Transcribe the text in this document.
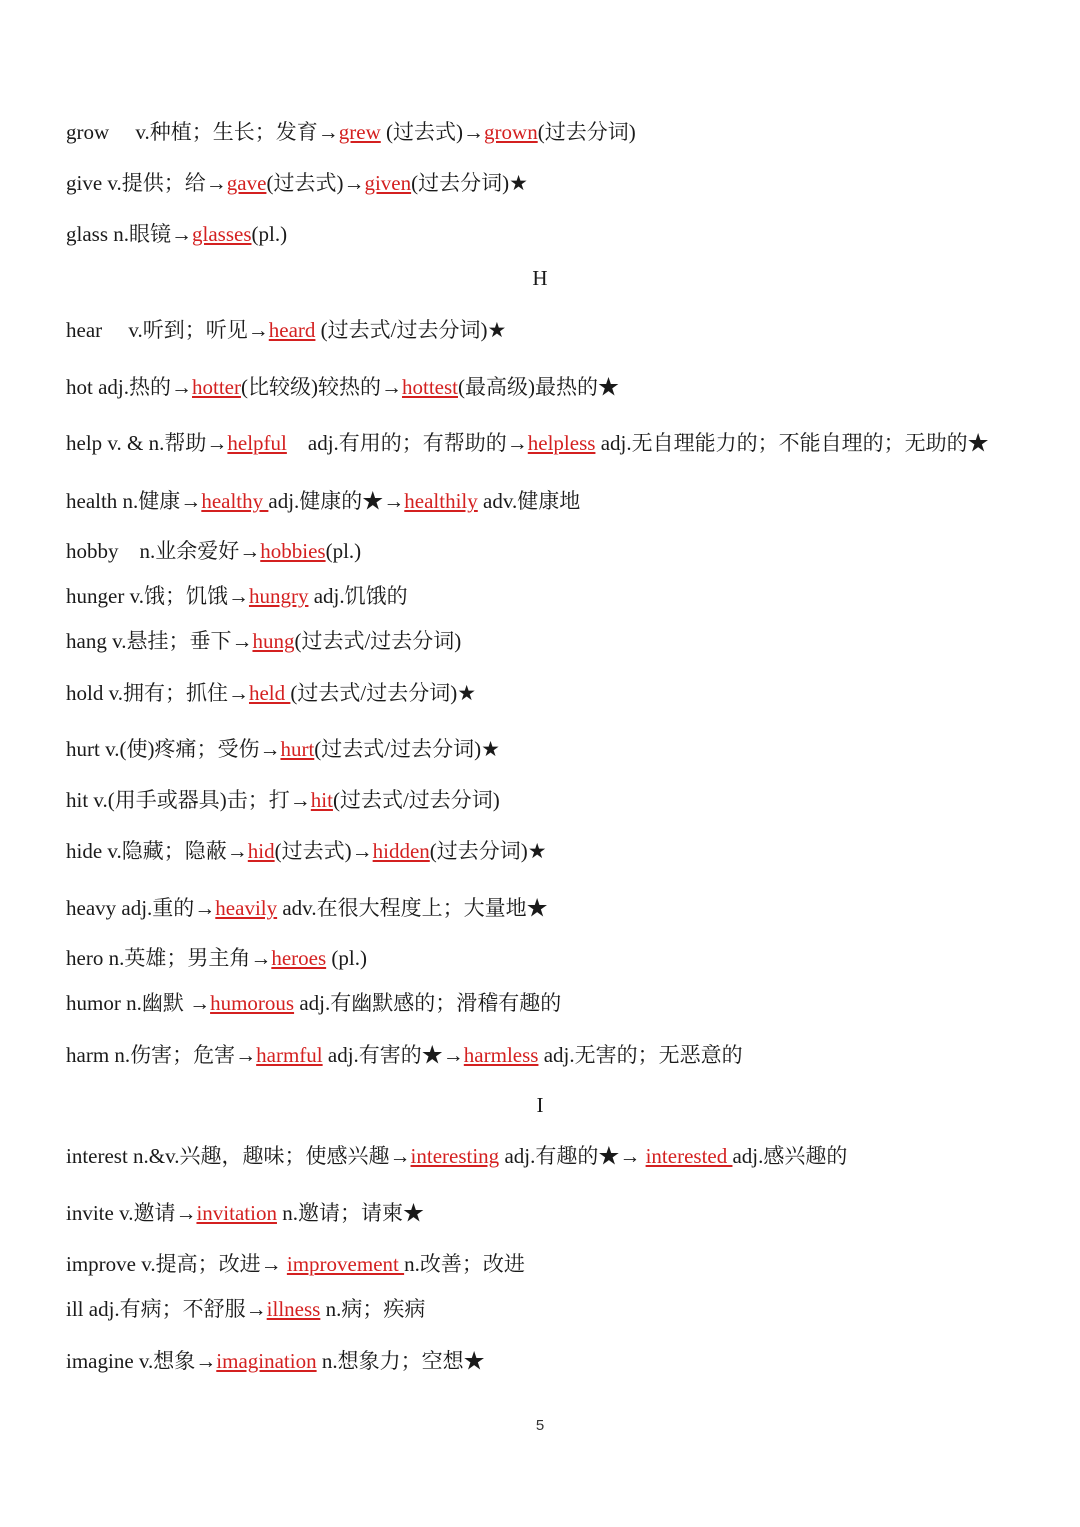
grow　 v.种植；生长；发育→grew (过去式)→grown(过去分词)
give v.提供；给→gave(过去式)→given(过去分词)★
glass n.眼镜→glasses(pl.)
H
hear　 v.听到；听见→heard (过去式/过去分词)★
hot adj.热的→hotter(比较级)较热的→hottest(最高级)最热的★
help v. & n.帮助→helpful　adj.有用的；有帮助的→helpless adj.无自理能力的；不能自理的；无助的★
health n.健康→healthy adj.健康的★→healthily adv.健康地
hobby　n.业余爱好→hobbies(pl.)
hunger v.饿；饥饿→hungry adj.饥饿的
hang v.悬挂；垂下→hung(过去式/过去分词)
hold v.拥有；抓住→held (过去式/过去分词)★
hurt v.(使)疼痛；受伤→hurt(过去式/过去分词)★
hit v.(用手或器具)击；打→hit(过去式/过去分词)
hide v.隐藏；隐蔽→hid(过去式)→hidden(过去分词)★
heavy adj.重的→heavily adv.在很大程度上；大量地★
hero n.英雄；男主角→heroes (pl.)
humor n.幽默 →humorous adj.有幽默感的；滑稽有趣的
harm n.伤害；危害→harmful adj.有害的★→harmless adj.无害的；无恶意的
I
interest n.&v.兴趣，趣味；使感兴趣→interesting adj.有趣的★→ interested adj.感兴趣的
invite v.邀请→invitation n.邀请；请柬★
improve v.提高；改进→ improvement n.改善；改进
ill adj.有病；不舒服→illness n.病；疾病
imagine v.想象→imagination n.想象力；空想★
5
